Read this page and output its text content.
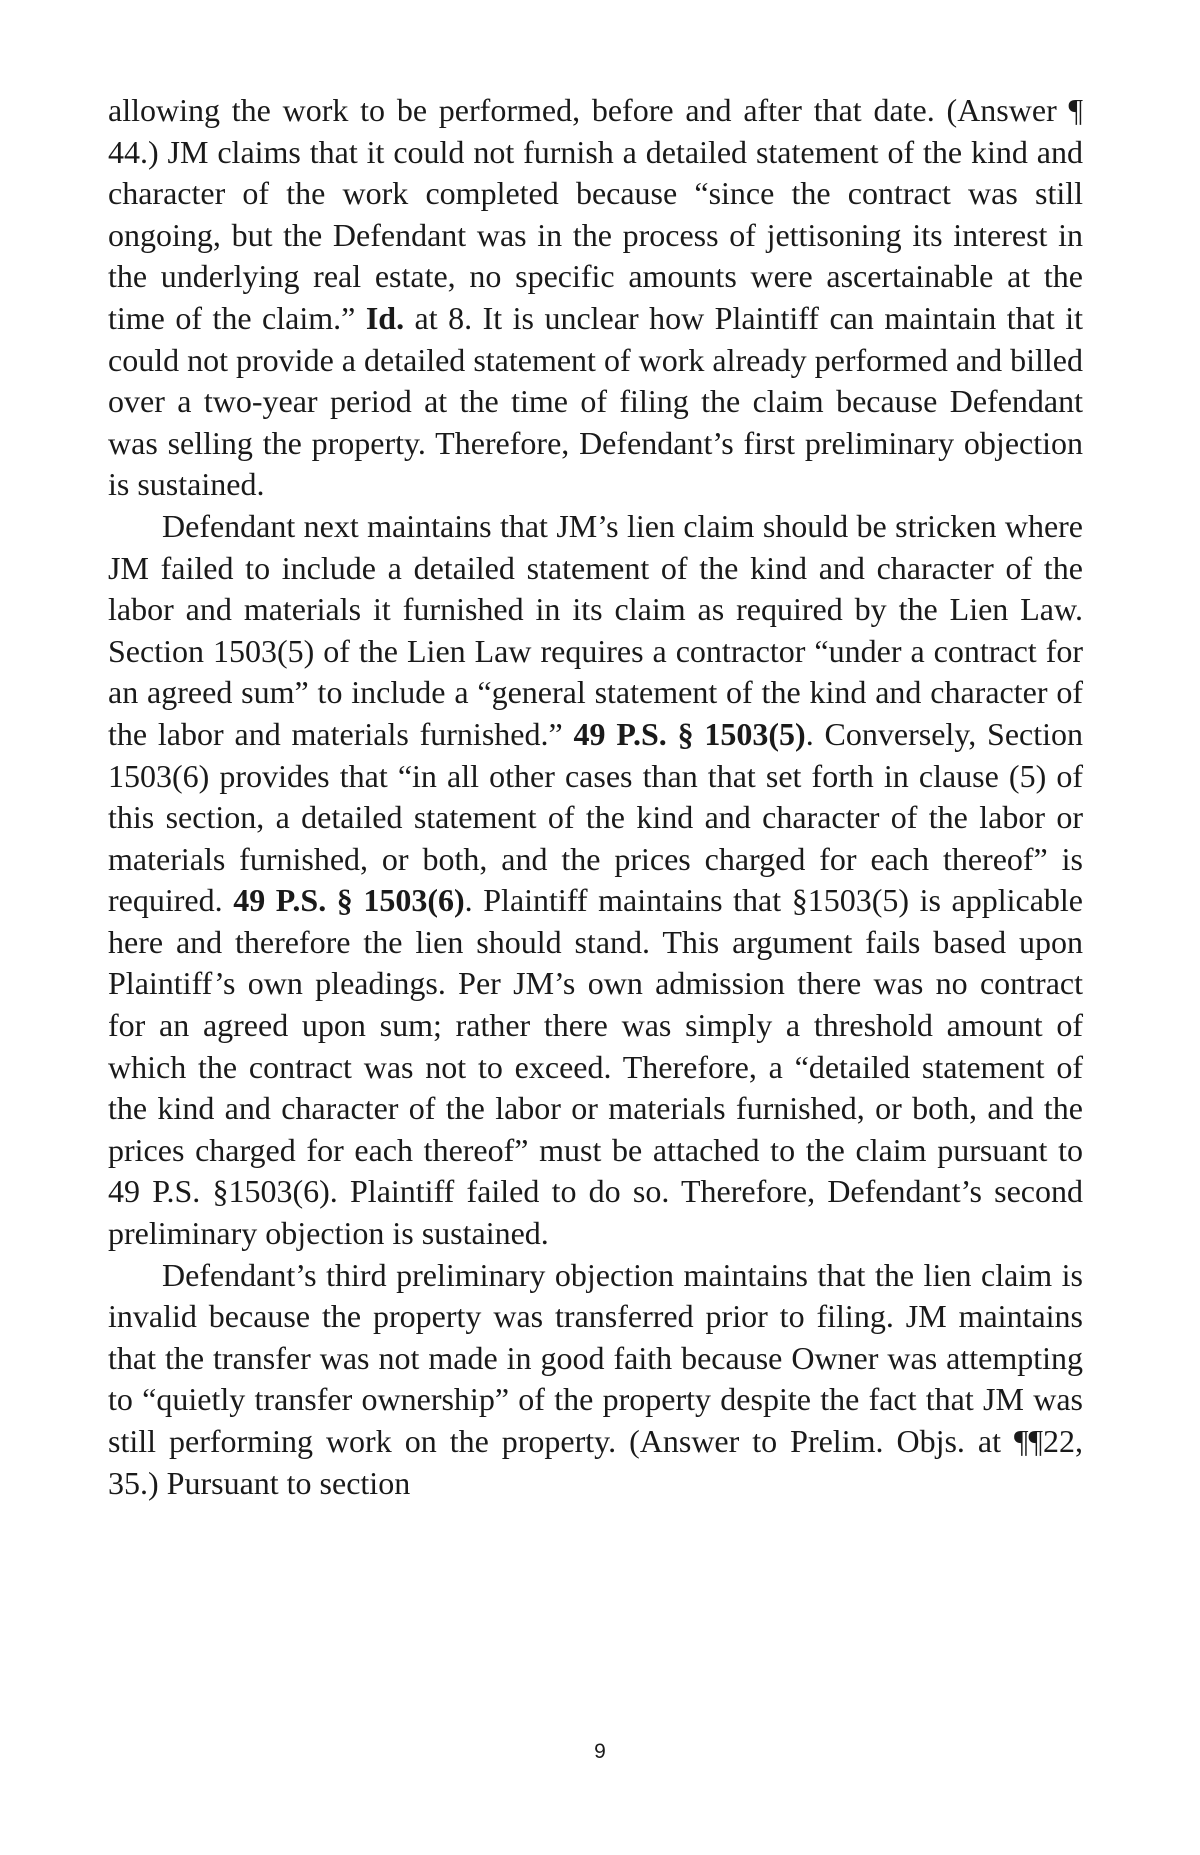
allowing the work to be performed, before and after that date. (Answer ¶ 44.) JM claims that it could not furnish a detailed statement of the kind and character of the work completed because “since the contract was still ongoing, but the Defendant was in the process of jettisoning its interest in the underlying real estate, no specific amounts were ascertainable at the time of the claim.” Id. at 8. It is unclear how Plaintiff can maintain that it could not provide a detailed statement of work already performed and billed over a two-year period at the time of filing the claim because Defendant was selling the property. Therefore, Defendant’s first preliminary objection is sustained.

Defendant next maintains that JM’s lien claim should be stricken where JM failed to include a detailed statement of the kind and character of the labor and materials it furnished in its claim as required by the Lien Law. Section 1503(5) of the Lien Law requires a contractor “under a contract for an agreed sum” to include a “general statement of the kind and character of the labor and materials furnished.” 49 P.S. § 1503(5). Conversely, Section 1503(6) provides that “in all other cases than that set forth in clause (5) of this section, a detailed statement of the kind and character of the labor or materials furnished, or both, and the prices charged for each thereof” is required. 49 P.S. § 1503(6). Plaintiff maintains that §1503(5) is applicable here and therefore the lien should stand. This argument fails based upon Plaintiff’s own pleadings. Per JM’s own admission there was no contract for an agreed upon sum; rather there was simply a threshold amount of which the contract was not to exceed. Therefore, a “detailed statement of the kind and character of the labor or materials furnished, or both, and the prices charged for each thereof” must be attached to the claim pursuant to 49 P.S. §1503(6). Plaintiff failed to do so. Therefore, Defendant’s second preliminary objection is sustained.

Defendant’s third preliminary objection maintains that the lien claim is invalid because the property was transferred prior to filing. JM maintains that the transfer was not made in good faith because Owner was attempting to “quietly transfer ownership” of the property despite the fact that JM was still performing work on the property. (Answer to Prelim. Objs. at ¶¶22, 35.) Pursuant to section

9
